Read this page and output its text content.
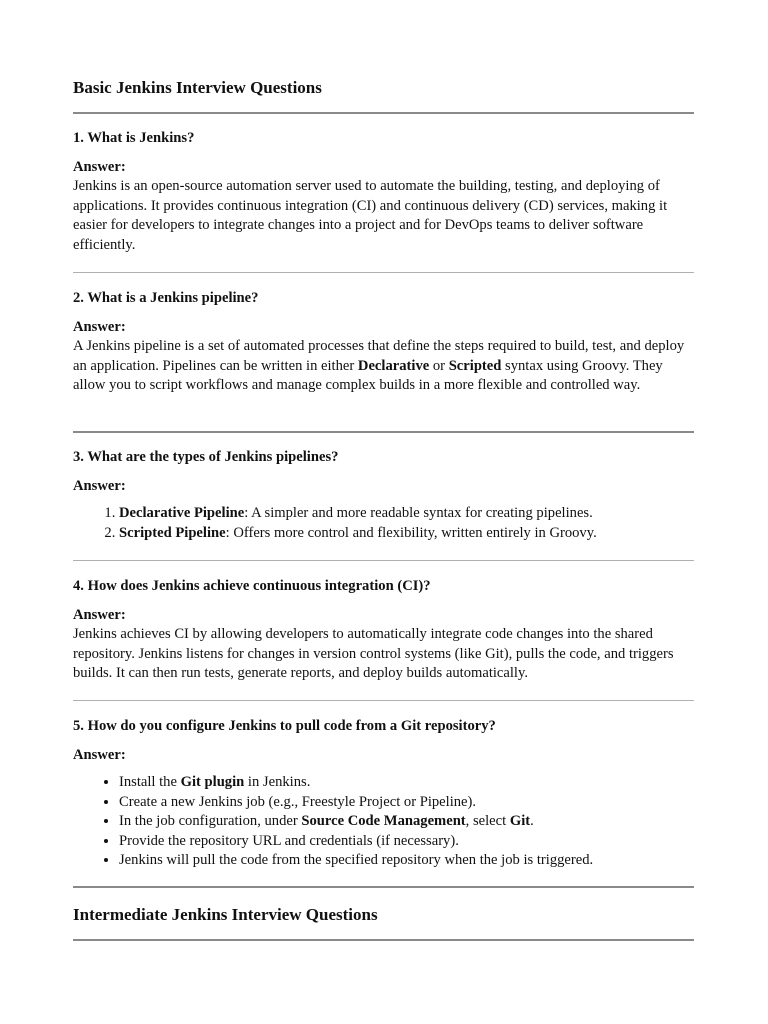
Basic Jenkins Interview Questions

1. What is Jenkins?

Answer:

Jenkins is an open-source automation server used to automate the building, testing, and deploying of applications. It provides continuous integration (CI) and continuous delivery (CD) services, making it easier for developers to integrate changes into a project and for DevOps teams to deliver software efficiently.

2. What is a Jenkins pipeline?

Answer:

A Jenkins pipeline is a set of automated processes that define the steps required to build, test, and deploy an application. Pipelines can be written in either Declarative or Scripted syntax using Groovy. They allow you to script workflows and manage complex builds in a more flexible and controlled way.

3. What are the types of Jenkins pipelines?

Answer:

1. Declarative Pipeline: A simpler and more readable syntax for creating pipelines.
2. Scripted Pipeline: Offers more control and flexibility, written entirely in Groovy.

4. How does Jenkins achieve continuous integration (CI)?

Answer:

Jenkins achieves CI by allowing developers to automatically integrate code changes into the shared repository. Jenkins listens for changes in version control systems (like Git), pulls the code, and triggers builds. It can then run tests, generate reports, and deploy builds automatically.

5. How do you configure Jenkins to pull code from a Git repository?

Answer:

• Install the Git plugin in Jenkins.
• Create a new Jenkins job (e.g., Freestyle Project or Pipeline).
• In the job configuration, under Source Code Management, select Git.
• Provide the repository URL and credentials (if necessary).
• Jenkins will pull the code from the specified repository when the job is triggered.
Intermediate Jenkins Interview Questions
